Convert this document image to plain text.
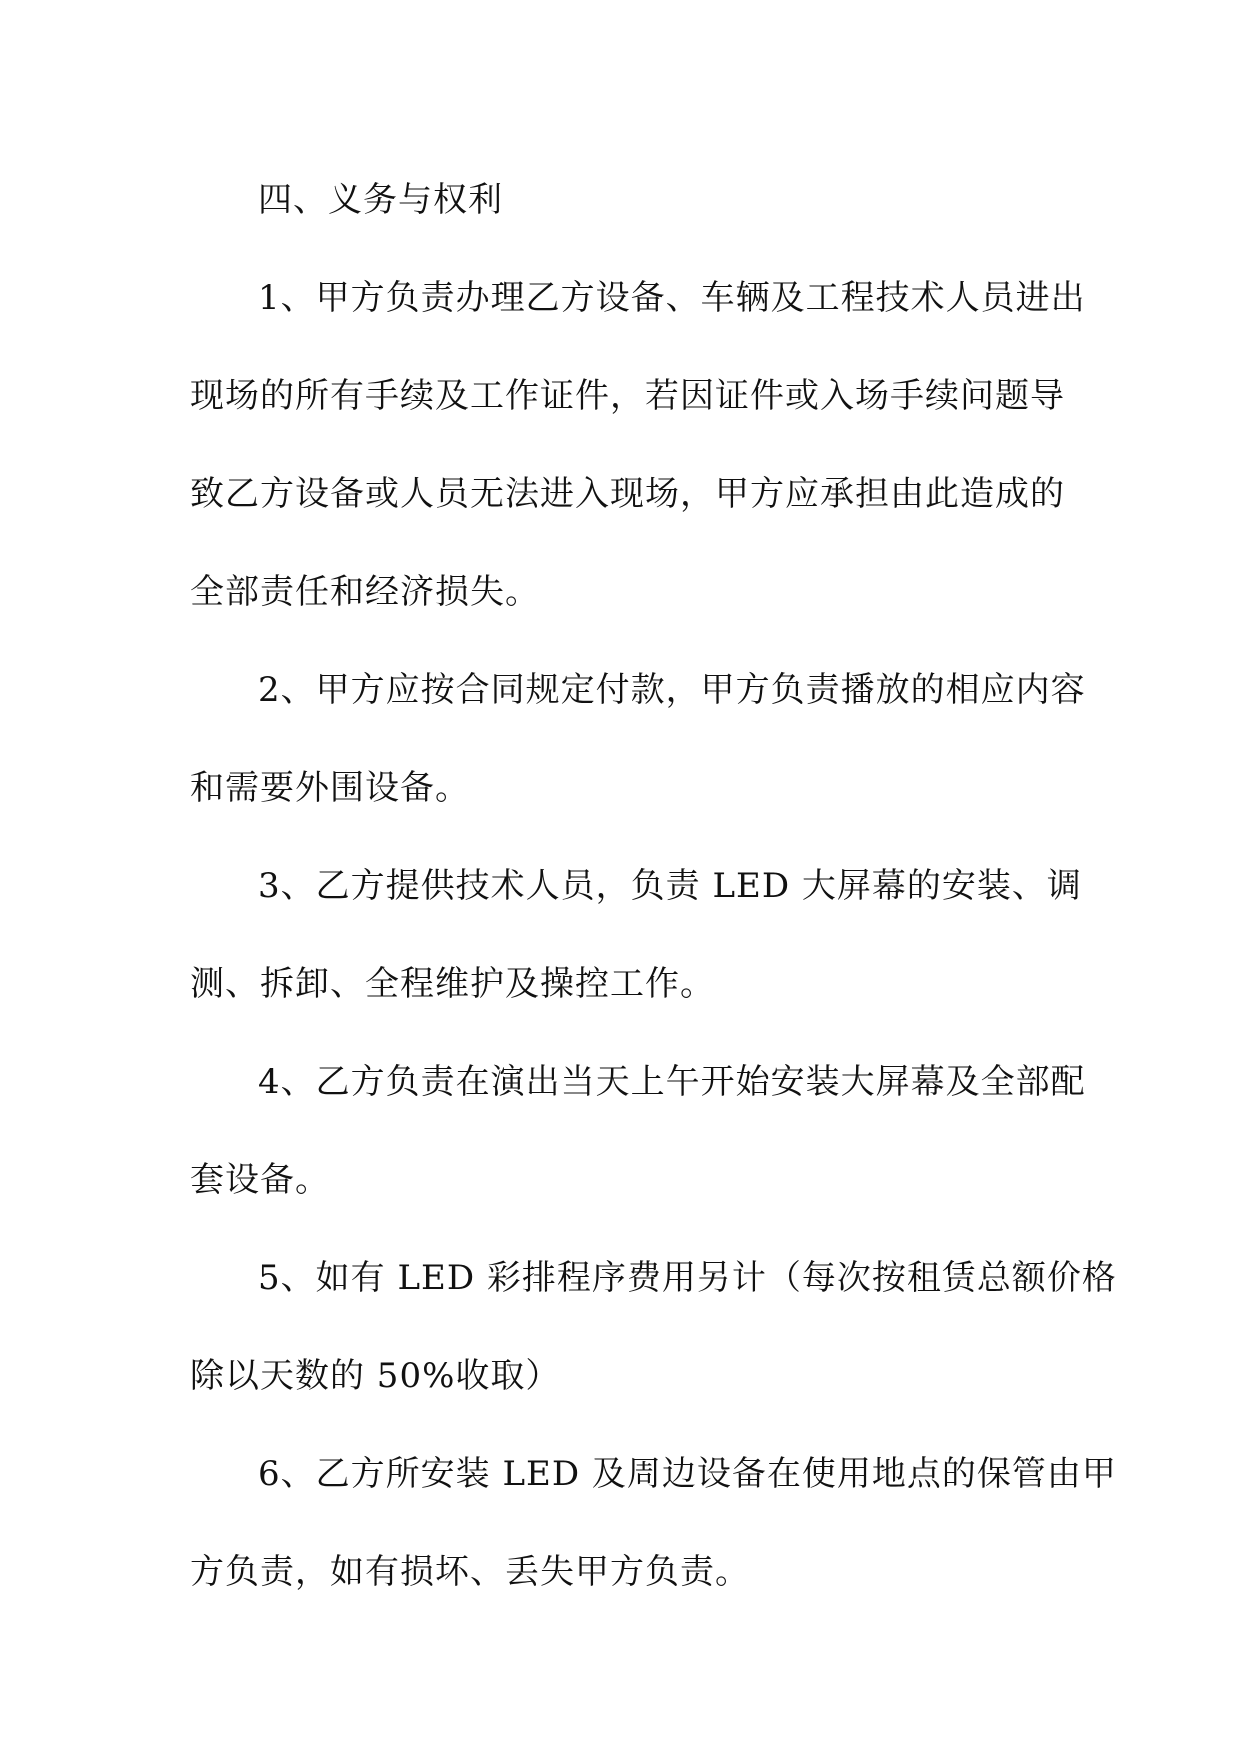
四、义务与权利
1、甲方负责办理乙方设备、车辆及工程技术人员进出
现场的所有手续及工作证件，若因证件或入场手续问题导
致乙方设备或人员无法进入现场，甲方应承担由此造成的
全部责任和经济损失。
2、甲方应按合同规定付款，甲方负责播放的相应内容
和需要外围设备。
3、乙方提供技术人员，负责 LED 大屏幕的安装、调
测、拆卸、全程维护及操控工作。
4、乙方负责在演出当天上午开始安装大屏幕及全部配
套设备。
5、如有 LED 彩排程序费用另计（每次按租赁总额价格
除以天数的 50%收取）
6、乙方所安装 LED 及周边设备在使用地点的保管由甲
方负责，如有损坏、丢失甲方负责。
